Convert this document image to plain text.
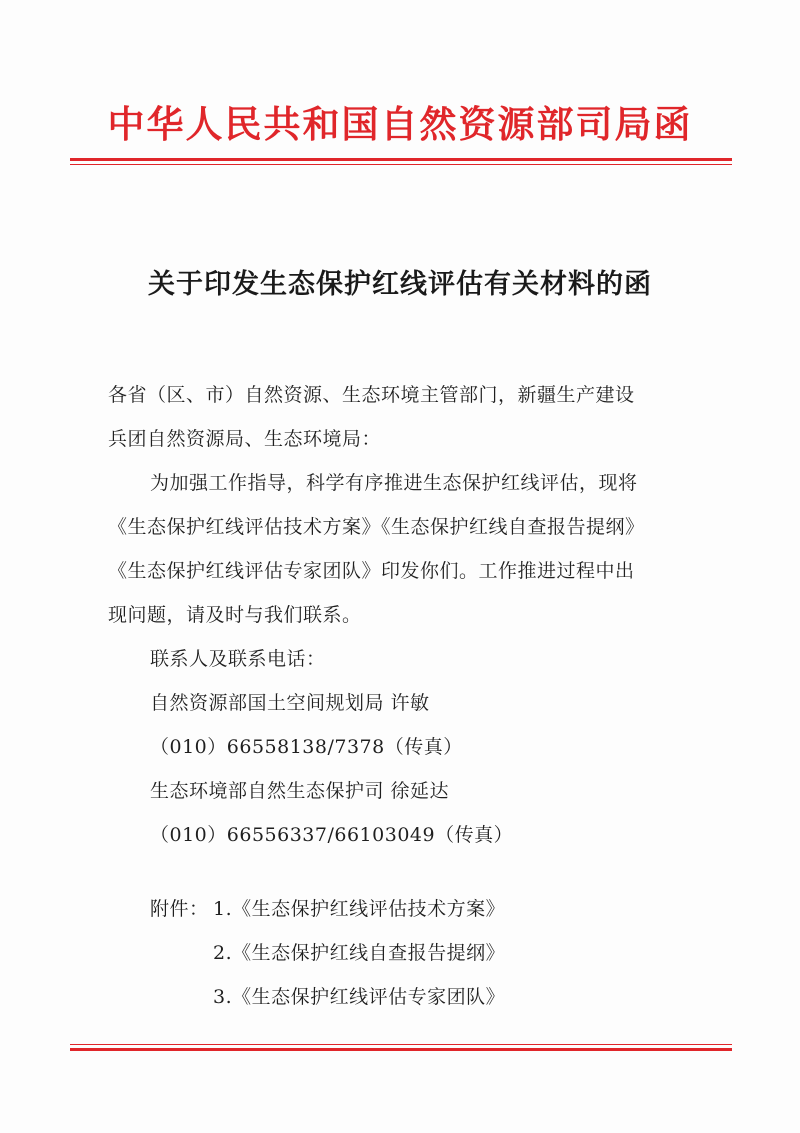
中华人民共和国自然资源部司局函
关于印发生态保护红线评估有关材料的函
各省（区、市）自然资源、生态环境主管部门，新疆生产建设
兵团自然资源局、生态环境局：
为加强工作指导，科学有序推进生态保护红线评估，现将
《生态保护红线评估技术方案》《生态保护红线自查报告提纲》
《生态保护红线评估专家团队》印发你们。工作推进过程中出
现问题，请及时与我们联系。
联系人及联系电话：
自然资源部国土空间规划局 许敏
（010）66558138/7378（传真）
生态环境部自然生态保护司 徐延达
（010）66556337/66103049（传真）
附件： 1.《生态保护红线评估技术方案》
2.《生态保护红线自查报告提纲》
3.《生态保护红线评估专家团队》
